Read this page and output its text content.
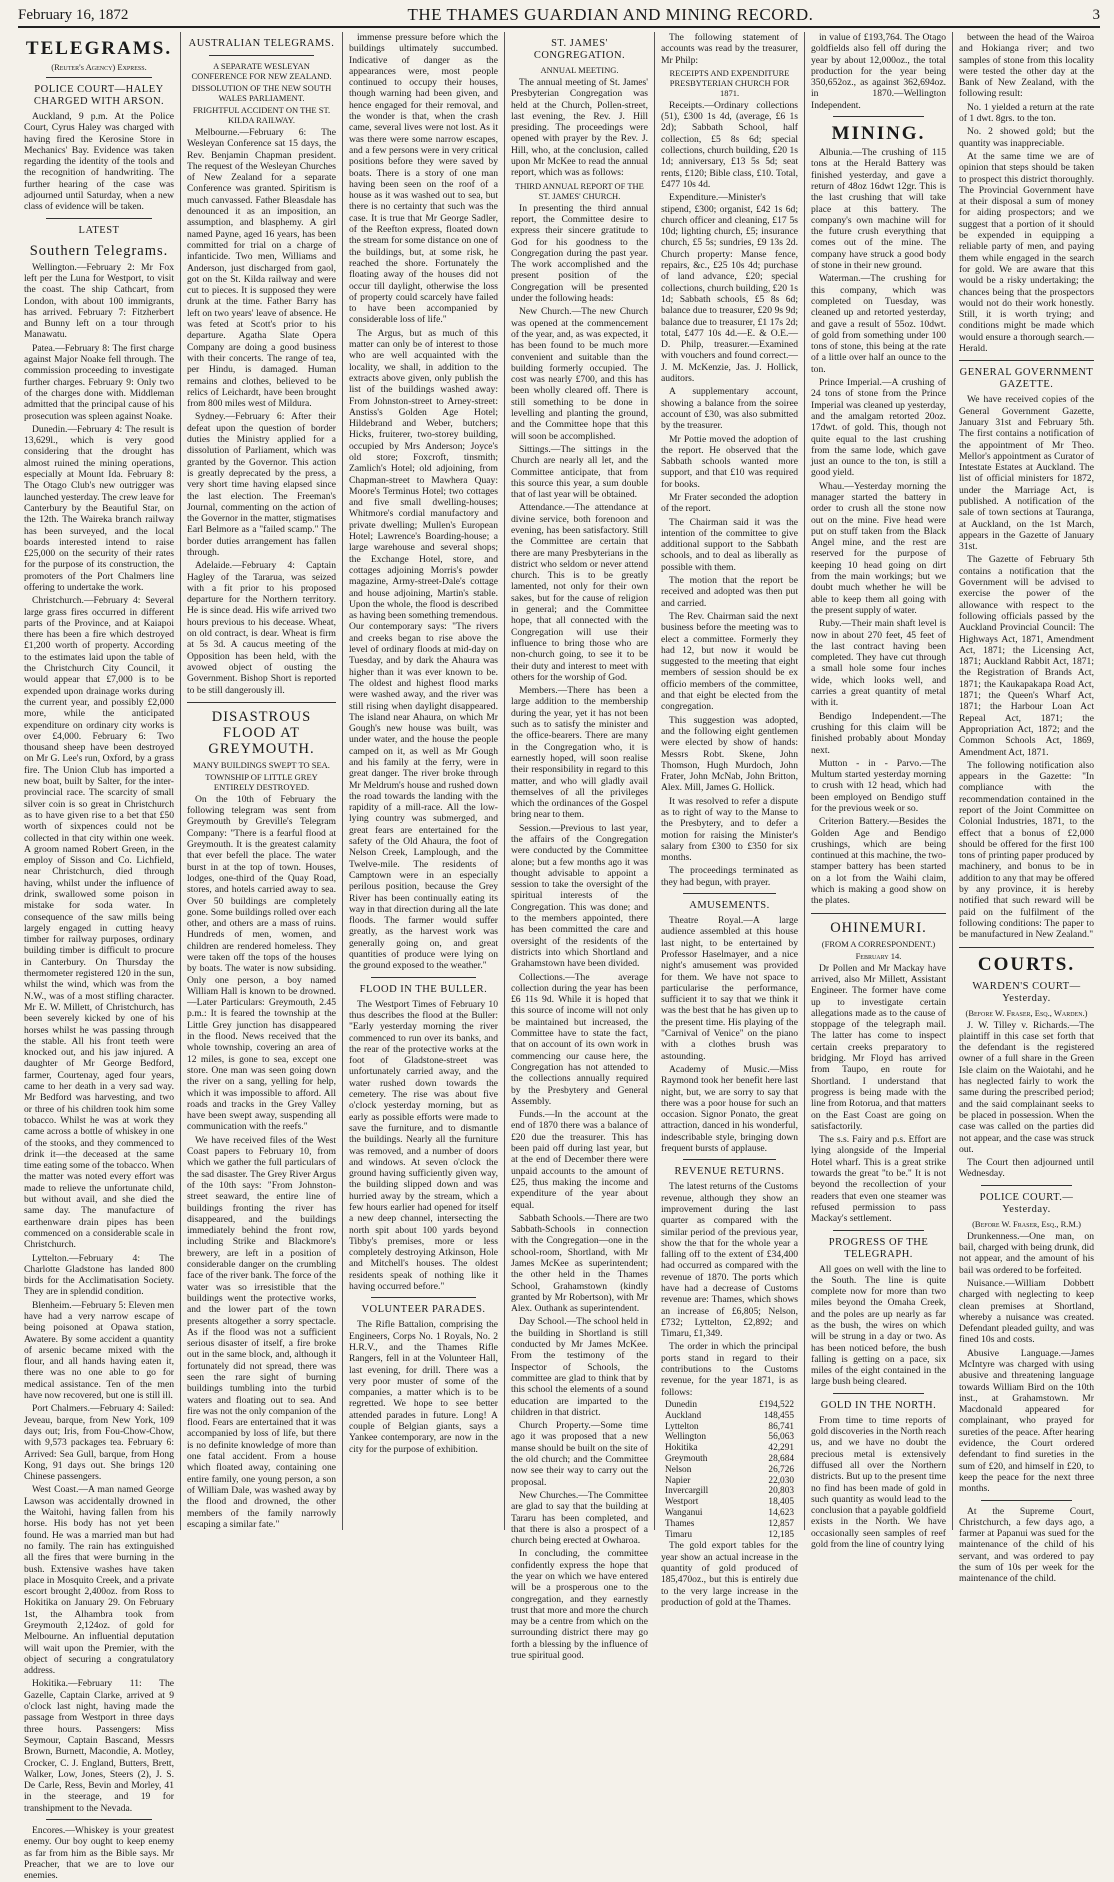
February 16, 1872	THE THAMES GUARDIAN AND MINING RECORD.	3
TELEGRAMS.
(Reuter's Agency) Express.
POLICE COURT—HALEY CHARGED WITH ARSON.

Auckland, 9 p.m. At the Police Court, Cyrus Haley was charged with having fired the Kerosine Store in Mechanics' Bay. Evidence was taken regarding the identity of the tools and the recognition of handwriting. The further hearing of the case was adjourned until Saturday, when a new class of evidence will be taken.

LATEST
Southern Telegrams.

Wellington.—February 2: Mr Fox left per the Luna for Westport, to visit the coast. The ship Cathcart, from London, with about 100 immigrants, has arrived. February 7: Fitzherbert and Bunny left on a tour through Manawatu.

Patea.—February 8: The first charge against Major Noake fell through. The commission proceeding to investigate further charges. February 9: Only two of the charges done with. Middleman admitted that the principal cause of his prosecution was spleen against Noake.

Dunedin.—February 4: The result is 13,629l., which is very good considering that the drought has almost ruined the mining operations, especially at Mount Ida. February 8: The Otago Club's new outrigger was launched yesterday. The crew leave for Canterbury by the Beautiful Star, on the 12th. The Waireka branch railway has been surveyed, and the local boards interested intend to raise £25,000 on the security of their rates for the purpose of its construction, the promoters of the Port Chalmers line offering to undertake the work.

Christchurch.—February 4: Several large grass fires occurred in different parts of the Province, and at Kaiapoi there has been a fire which destroyed £1,200 worth of property. According to the estimates laid upon the table of the Christchurch City Council, it would appear that £7,000 is to be expended upon drainage works during the current year, and possibly £2,000 more, while the anticipated expenditure on ordinary city works is over £4,000. February 6: Two thousand sheep have been destroyed on Mr G. Lee's run, Oxford, by a grass fire. The Union Club has imported a new boat, built by Salter, for the inter-provincial race. The scarcity of small silver coin is so great in Christchurch as to have given rise to a bet that £50 worth of sixpences could not be collected in that city within one week. A groom named Robert Green, in the employ of Sisson and Co. Lichfield, near Christchurch, died through having, whilst under the influence of drink, swallowed some poison in mistake for soda water. In consequence of the saw mills being largely engaged in cutting heavy timber for railway purposes, ordinary building timber is difficult to procure in Canterbury. On Thursday the thermometer registered 120 in the sun, whilst the wind, which was from the N.W., was of a most stifling character. Mr E. W. Millett, of Christchurch, has been severely kicked by one of his horses whilst he was passing through the stable. All his front teeth were knocked out, and his jaw injured. A daughter of Mr George Bedford, farmer, Courtenay, aged four years, came to her death in a very sad way. Mr Bedford was harvesting, and two or three of his children took him some tobacco. Whilst he was at work they came across a bottle of whiskey in one of the stooks, and they commenced to drink it—the deceased at the same time eating some of the tobacco. When the matter was noted every effort was made to relieve the unfortunate child, but without avail, and she died the same day. The manufacture of earthenware drain pipes has been commenced on a considerable scale in Christchurch.

Lyttelton.—February 4: The Charlotte Gladstone has landed 800 birds for the Acclimatisation Society. They are in splendid condition.

Blenheim.—February 5: Eleven men have had a very narrow escape of being poisoned at Opawa station, Awatere. By some accident a quantity of arsenic became mixed with the flour, and all hands having eaten it, there was no one able to go for medical assistance. Ten of the men have now recovered, but one is still ill.

Port Chalmers.—February 4: Sailed: Jeveau, barque, from New York, 109 days out; Iris, from Fou-Chow-Chow, with 9,573 packages tea. February 6: Arrived: Sea Gull, barque, from Hong Kong, 91 days out. She brings 120 Chinese passengers.

West Coast.—A man named George Lawson was accidentally drowned in the Waitohi, having fallen from his horse. His body has not yet been found. He was a married man but had no family. The rain has extinguished all the fires that were burning in the bush. Extensive washes have taken place in Mosquito Creek, and a private escort brought 2,400oz. from Ross to Hokitika on January 29. On February 1st, the Alhambra took from Greymouth 2,124oz. of gold for Melbourne. An influential deputation will wait upon the Premier, with the object of securing a congratulatory address.

Hokitika.—February 11: The Gazelle, Captain Clarke, arrived at 9 o'clock last night, having made the passage from Westport in three days three hours. Passengers: Miss Seymour, Captain Bascand, Messrs Brown, Burnett, Macondie, A. Motley, Crocker, C. J. England, Butters, Brett, Walker, Low, Jones, Steers (2), J. S. De Carle, Ress, Bevin and Morley, 41 in the steerage, and 19 for transhipment to the Nevada.

Encores.—Whiskey is your greatest enemy. Our boy ought to keep enemy as far from him as the Bible says. Mr Preacher, that we are to love our enemies.

AUSTRALIAN TELEGRAMS.
A SEPARATE WESLEYAN CONFERENCE FOR NEW ZEALAND.
DISSOLUTION OF THE NEW SOUTH WALES PARLIAMENT.
FRIGHTFUL ACCIDENT ON THE ST. KILDA RAILWAY.

Melbourne.—February 6: The Wesleyan Conference sat 15 days, the Rev. Benjamin Chapman president. The request of the Wesleyan Churches of New Zealand for a separate Conference was granted. Spiritism is much canvassed. Father Bleasdale has denounced it as an imposition, an assumption, and blasphemy. A girl named Payne, aged 16 years, has been committed for trial on a charge of infanticide. Two men, Williams and Anderson, just discharged from gaol, got on the St. Kilda railway and were cut to pieces. It is supposed they were drunk at the time. Father Barry has left on two years' leave of absence. He was feted at Scott's prior to his departure. Agatha Slate Opera Company are doing a good business with their concerts. The range of tea, per Hindu, is damaged. Human remains and clothes, believed to be relics of Leichardt, have been brought from 800 miles west of Mildura.

Sydney.—February 6: After their defeat upon the question of border duties the Ministry applied for a dissolution of Parliament, which was granted by the Governor. This action is greatly deprecated by the press, a very short time having elapsed since the last election. The Freeman's Journal, commenting on the action of the Governor in the matter, stigmatises Earl Belmore as a "failed scamp." The border duties arrangement has fallen through.

Adelaide.—February 4: Captain Hagley of the Tararua, was seized with a fit prior to his proposed departure for the Northern territory. He is since dead. His wife arrived two hours previous to his decease. Wheat, on old contract, is dear. Wheat is firm at 5s 3d. A caucus meeting of the Opposition has been held, with the avowed object of ousting the Government. Bishop Short is reported to be still dangerously ill.

DISASTROUS FLOOD AT GREYMOUTH.
MANY BUILDINGS SWEPT TO SEA.
TOWNSHIP OF LITTLE GREY ENTIRELY DESTROYED.

On the 10th of February the following telegram was sent from Greymouth by Greville's Telegram Company: "There is a fearful flood at Greymouth. It is the greatest calamity that ever befell the place. The water burst in at the top of town. Houses, lodges, one-third of the Quay Road, stores, and hotels carried away to sea. Over 50 buildings are completely gone. Some buildings rolled over each other, and others are a mass of ruins. Hundreds of men, women, and children are rendered homeless. They were taken off the tops of the houses by boats. The water is now subsiding. Only one person, a boy named William Hall is known to be drowned.—Later Particulars: Greymouth, 2.45 p.m.: It is feared the township at the Little Grey junction has disappeared in the flood. News received that the whole township, covering an area of 12 miles, is gone to sea, except one store. One man was seen going down the river on a sang, yelling for help, which it was impossible to afford. All roads and tracks in the Grey Valley have been swept away, suspending all communication with the reefs."

We have received files of the West Coast papers to February 10, from which we gather the full particulars of the sad disaster. The Grey River Argus of the 10th says: "From Johnston-street seaward, the entire line of buildings fronting the river has disappeared, and the buildings immediately behind the front row, including Strike and Blackmore's brewery, are left in a position of considerable danger on the crumbling face of the river bank. The force of the water was so irresistible that the buildings went the protective works, and the lower part of the town presents altogether a sorry spectacle. As if the flood was not a sufficient serious disaster of itself, a fire broke out in the same block, and, although it fortunately did not spread, there was seen the rare sight of burning buildings tumbling into the turbid waters and floating out to sea. And fire was not the only companion of the flood. Fears are entertained that it was accompanied by loss of life, but there is no definite knowledge of more than one fatal accident. From a house which floated away, containing one entire family, one young person, a son of William Dale, was washed away by the flood and drowned, the other members of the family narrowly escaping a similar fate."

immense pressure before which the buildings ultimately succumbed. Indicative of danger as the appearances were, most people continued to occupy their houses, though warning had been given, and hence engaged for their removal, and the wonder is that, when the crash came, several lives were not lost. As it was there were some narrow escapes, and a few persons were in very critical positions before they were saved by boats. There is a story of one man having been seen on the roof of a house as it was washed out to sea, but there is no certainty that such was the case. It is true that Mr George Sadler, of the Reefton express, floated down the stream for some distance on one of the buildings, but, at some risk, he reached the shore. Fortunately the floating away of the houses did not occur till daylight, otherwise the loss of property could scarcely have failed to have been accompanied by considerable loss of life."

The Argus, but as much of this matter can only be of interest to those who are well acquainted with the locality, we shall, in addition to the extracts above given, only publish the list of the buildings washed away: From Johnston-street to Arney-street: Anstiss's Golden Age Hotel; Hildebrand and Weber, butchers; Hicks, fruiterer, two-storey building, occupied by Mrs Anderson; Joyce's old store; Foxcroft, tinsmith; Zamlich's Hotel; old adjoining, from Chapman-street to Mawhera Quay: Moore's Terminus Hotel; two cottages and five small dwelling-houses; Whitmore's cordial manufactory and private dwelling; Mullen's European Hotel; Lawrence's Boarding-house; a large warehouse and several shops; the Exchange Hotel, store, and cottages adjoining Morris's powder magazine, Army-street-Dale's cottage and house adjoining, Martin's stable. Upon the whole, the flood is described as having been something tremendous. Our contemporary says: "The rivers and creeks began to rise above the level of ordinary floods at mid-day on Tuesday, and by dark the Ahaura was higher than it was ever known to be. The oldest and highest flood marks were washed away, and the river was still rising when daylight disappeared. The island near Ahaura, on which Mr Gough's new house was built, was under water, and the house the people camped on it, as well as Mr Gough and his family at the ferry, were in great danger. The river broke through Mr Meldrum's house and rushed down the road towards the landing with the rapidity of a mill-race. All the low-lying country was submerged, and great fears are entertained for the safety of the Old Ahaura, the foot of Nelson Creek, Lamplough, and the Twelve-mile. The residents of Camptown were in an especially perilous position, because the Grey River has been continually eating its way in that direction during all the late floods. The farmer would suffer greatly, as the harvest work was generally going on, and great quantities of produce were lying on the ground exposed to the weather."

FLOOD IN THE BULLER.

The Westport Times of February 10 thus describes the flood at the Buller: "Early yesterday morning the river commenced to run over its banks, and the rear of the protective works at the foot of Gladstone-street was unfortunately carried away, and the water rushed down towards the cemetery. The rise was about five o'clock yesterday morning, but as early as possible efforts were made to save the furniture, and to dismantle the buildings. Nearly all the furniture was removed, and a number of doors and windows. At seven o'clock the ground having sufficiently given way, the building slipped down and was hurried away by the stream, which a few hours earlier had opened for itself a new deep channel, intersecting the north spit about 100 yards beyond Tibby's premises, more or less completely destroying Atkinson, Hole and Mitchell's houses. The oldest residents speak of nothing like it having occurred before."

VOLUNTEER PARADES.

The Rifle Battalion, comprising the Engineers, Corps No. 1 Royals, No. 2 H.R.V., and the Thames Rifle Rangers, fell in at the Volunteer Hall, last evening, for drill. There was a very poor muster of some of the companies, a matter which is to be regretted. We hope to see better attended parades in future. Long! A couple of Belgian giants, says a Yankee contemporary, are now in the city for the purpose of exhibition.

ST. JAMES' CONGREGATION.
ANNUAL MEETING.

The annual meeting of St. James' Presbyterian Congregation was held at the Church, Pollen-street, last evening, the Rev. J. Hill presiding. The proceedings were opened with prayer by the Rev. J. Hill, who, at the conclusion, called upon Mr McKee to read the annual report, which was as follows:

THIRD ANNUAL REPORT OF THE ST. JAMES' CHURCH.

In presenting the third annual report, the Committee desire to express their sincere gratitude to God for his goodness to the Congregation during the past year. The work accomplished and the present position of the Congregation will be presented under the following heads:

New Church.—The new Church was opened at the commencement of the year, and, as was expected, it has been found to be much more convenient and suitable than the building formerly occupied. The cost was nearly £700, and this has been wholly cleared off. There is still something to be done in levelling and planting the ground, and the Committee hope that this will soon be accomplished.

Sittings.—The sittings in the Church are nearly all let, and the Committee anticipate, that from this source this year, a sum double that of last year will be obtained.

Attendance.—The attendance at divine service, both forenoon and evening, has been satisfactory. Still the Committee are certain that there are many Presbyterians in the district who seldom or never attend church. This is to be greatly lamented, not only for their own sakes, but for the cause of religion in general; and the Committee hope, that all connected with the Congregation will use their influence to bring those who are non-church going, to see it to be their duty and interest to meet with others for the worship of God.

Members.—There has been a large addition to the membership during the year, yet it has not been such as to satisfy the minister and the office-bearers. There are many in the Congregation who, it is earnestly hoped, will soon realise their responsibility in regard to this matter, and who will gladly avail themselves of all the privileges which the ordinances of the Gospel bring near to them.

Session.—Previous to last year, the affairs of the Congregation were conducted by the Committee alone; but a few months ago it was thought advisable to appoint a session to take the oversight of the spiritual interests of the Congregation. This was done; and to the members appointed, there has been committed the care and oversight of the residents of the districts into which Shortland and Grahamstown have been divided.

Collections.—The average collection during the year has been £6 11s 9d. While it is hoped that this source of income will not only be maintained but increased, the Committee have to state the fact, that on account of its own work in commencing our cause here, the Congregation has not attended to the collections annually required by the Presbytery and General Assembly.

Funds.—In the account at the end of 1870 there was a balance of £20 due the treasurer. This has been paid off during last year, but at the end of December there were unpaid accounts to the amount of £25, thus making the income and expenditure of the year about equal.

Sabbath Schools.—There are two Sabbath-Schools in connection with the Congregation—one in the school-room, Shortland, with Mr James McKee as superintendent; the other held in the Thames School, Grahamstown (kindly granted by Mr Robertson), with Mr Alex. Outhank as superintendent.

Day School.—The school held in the building in Shortland is still conducted by Mr James McKee. From the testimony of the Inspector of Schools, the committee are glad to think that by this school the elements of a sound education are imparted to the children in that district.

Church Property.—Some time ago it was proposed that a new manse should be built on the site of the old church; and the Committee now see their way to carry out the proposal.

New Churches.—The Committee are glad to say that the building at Tararu has been completed, and that there is also a prospect of a church being erected at Owharoa.

In concluding, the committee confidently express the hope that the year on which we have entered will be a prosperous one to the congregation, and they earnestly trust that more and more the church may be a centre from which on the surrounding district there may go forth a blessing by the influence of true spiritual good.

The following statement of accounts was read by the treasurer, Mr Philp:

RECEIPTS AND EXPENDITURE PRESBYTERIAN CHURCH FOR 1871.

Receipts.—Ordinary collections (51), £300 1s 4d, (average, £6 1s 2d); Sabbath School, half collection, £5 8s 6d; special collections, church building, £20 1s 1d; anniversary, £13 5s 5d; seat rents, £120; Bible class, £10. Total, £477 10s 4d.

Expenditure.—Minister's stipend, £300; organist, £42 1s 6d; church officer and cleaning, £17 5s 10d; lighting church, £5; insurance church, £5 5s; sundries, £9 13s 2d. Church property: Manse fence, repairs, &c., £25 10s 4d; purchase of land advance, £20; special collections, church building, £20 1s 1d; Sabbath schools, £5 8s 6d; balance due to treasurer, £20 9s 9d; balance due to treasurer, £1 17s 2d; total, £477 10s 4d.—E. & O.E.—D. Philp, treasurer.—Examined with vouchers and found correct.—J. M. McKenzie, Jas. J. Hollick, auditors.

A supplementary account, showing a balance from the soiree account of £30, was also submitted by the treasurer.

Mr Pottie moved the adoption of the report. He observed that the Sabbath schools wanted more support, and that £10 was required for books.

Mr Frater seconded the adoption of the report.

The Chairman said it was the intention of the committee to give additional support to the Sabbath schools, and to deal as liberally as possible with them.

The motion that the report be received and adopted was then put and carried.

The Rev. Chairman said the next business before the meeting was to elect a committee. Formerly they had 12, but now it would be suggested to the meeting that eight members of session should be ex officio members of the committee, and that eight be elected from the congregation.

This suggestion was adopted, and the following eight gentlemen were elected by show of hands: Messrs Robt. Skene, John Thomson, Hugh Murdoch, John Frater, John McNab, John Britton, Alex. Mill, James G. Hollick.

It was resolved to refer a dispute as to right of way to the Manse to the Presbytery, and to defer a motion for raising the Minister's salary from £300 to £350 for six months.

The proceedings terminated as they had begun, with prayer.

AMUSEMENTS.

Theatre Royal.—A large audience assembled at this house last night, to be entertained by Professor Haselmayer, and a nice night's amusement was provided for them. We have not space to particularise the performance, sufficient it to say that we think it was the best that he has given up to the present time. His playing of the "Carnival of Venice" on the piano with a clothes brush was astounding.

Academy of Music.—Miss Raymond took her benefit here last night, but, we are sorry to say that there was a poor house for such an occasion. Signor Ponato, the great attraction, danced in his wonderful, indescribable style, bringing down frequent bursts of applause.

REVENUE RETURNS.

The latest returns of the Customs revenue, although they show an improvement during the last quarter as compared with the similar period of the previous year, show the that for the whole year a falling off to the extent of £34,400 had occurred as compared with the revenue of 1870. The ports which have had a decrease of Customs revenue are: Thames, which shows an increase of £6,805; Nelson, £732; Lyttelton, £2,892; and Timaru, £1,349.

The order in which the principal ports stand in regard to their contributions to the Customs revenue, for the year 1871, is as follows:

Dunedin	£194,522
Auckland	148,455
Lyttelton	86,741
Wellington	56,063
Hokitika	42,291
Greymouth	28,684
Nelson	26,726
Napier	22,030
Invercargill	20,803
Westport	18,405
Wanganui	14,623
Thames	12,857
Timaru	12,185

The gold export tables for the year show an actual increase in the quantity of gold produced of 185,470oz., but this is entirely due to the very large increase in the production of gold at the Thames.

in value of £193,764. The Otago goldfields also fell off during the year by about 12,000oz., the total production for the year being 350,652oz., as against 362,694oz. in 1870.—Wellington Independent.

MINING.

Albunia.—The crushing of 115 tons at the Herald Battery was finished yesterday, and gave a return of 48oz 16dwt 12gr. This is the last crushing that will take place at this battery. The company's own machine will for the future crush everything that comes out of the mine. The company have struck a good body of stone in their new ground.

Waterman.—The crushing for this company, which was completed on Tuesday, was cleaned up and retorted yesterday, and gave a result of 55oz. 10dwt. of gold from something under 100 tons of stone, this being at the rate of a little over half an ounce to the ton.

Prince Imperial.—A crushing of 24 tons of stone from the Prince Imperial was cleaned up yesterday, and the amalgam retorted 20oz. 17dwt. of gold. This, though not quite equal to the last crushing from the same lode, which gave just an ounce to the ton, is still a good yield.

Whau.—Yesterday morning the manager started the battery in order to crush all the stone now out on the mine. Five head were put on stuff taken from the Black Angel mine, and the rest are reserved for the purpose of keeping 10 head going on dirt from the main workings; but we doubt much whether he will be able to keep them all going with the present supply of water.

Ruby.—Their main shaft level is now in about 270 feet, 45 feet of the last contract having been completed. They have cut through a small hole some four inches wide, which looks well, and carries a great quantity of metal with it.

Bendigo Independent.—The crushing for this claim will be finished probably about Monday next.

Mutton - in - Parvo.—The Multum started yesterday morning to crush with 12 head, which had been employed on Bendigo stuff for the previous week or so.

Criterion Battery.—Besides the Golden Age and Bendigo crushings, which are being continued at this machine, the two-stamper battery has been started on a lot from the Waihi claim, which is making a good show on the plates.

OHINEMURI.
(FROM A CORRESPONDENT.)
February 14.

Dr Pollen and Mr Mackay have arrived, also Mr Millett, Assistant Engineer. The former have come up to investigate certain allegations made as to the cause of stoppage of the telegraph mail. The latter has come to inspect certain creeks preparatory to bridging. Mr Floyd has arrived from Taupo, en route for Shortland. I understand that progress is being made with the line from Rotorua, and that matters on the East Coast are going on satisfactorily.

The s.s. Fairy and p.s. Effort are lying alongside of the Imperial Hotel wharf. This is a great strike towards the great "to be." It is not beyond the recollection of your readers that even one steamer was refused permission to pass Mackay's settlement.

PROGRESS OF THE TELEGRAPH.

All goes on well with the line to the South. The line is quite complete now for more than two miles beyond the Omaha Creek, and the poles are up nearly as far as the bush, the wires on which will be strung in a day or two. As has been noticed before, the bush falling is getting on a pace, six miles of the eight contained in the large bush being cleared.

GOLD IN THE NORTH.

From time to time reports of gold discoveries in the North reach us, and we have no doubt the precious metal is extensively diffused all over the Northern districts. But up to the present time no find has been made of gold in such quantity as would lead to the conclusion that a payable goldfield exists in the North. We have occasionally seen samples of reef gold from the line of country lying

between the head of the Wairoa and Hokianga river; and two samples of stone from this locality were tested the other day at the Bank of New Zealand, with the following result:

No. 1 yielded a return at the rate of 1 dwt. 8grs. to the ton.

No. 2 showed gold; but the quantity was inappreciable.

At the same time we are of opinion that steps should be taken to prospect this district thoroughly. The Provincial Government have at their disposal a sum of money for aiding prospectors; and we suggest that a portion of it should be expended in equipping a reliable party of men, and paying them while engaged in the search for gold. We are aware that this would be a risky undertaking; the chances being that the prospectors would not do their work honestly. Still, it is worth trying; and conditions might be made which would ensure a thorough search.—Herald.

GENERAL GOVERNMENT GAZETTE.

We have received copies of the General Government Gazette, January 31st and February 5th. The first contains a notification of the appointment of Mr Theo. Mellor's appointment as Curator of Intestate Estates at Auckland. The list of official ministers for 1872, under the Marriage Act, is published. A notification of the sale of town sections at Tauranga, at Auckland, on the 1st March, appears in the Gazette of January 31st.

The Gazette of February 5th contains a notification that the Government will be advised to exercise the power of the allowance with respect to the following officials passed by the Auckland Provincial Council: The Highways Act, 1871, Amendment Act, 1871; the Licensing Act, 1871; Auckland Rabbit Act, 1871; the Registration of Brands Act, 1871; the Kaukapakapa Road Act, 1871; the Queen's Wharf Act, 1871; the Harbour Loan Act Repeal Act, 1871; the Appropriation Act, 1872; and the Common Schools Act, 1869, Amendment Act, 1871.

The following notification also appears in the Gazette: "In compliance with the recommendation contained in the report of the Joint Committee on Colonial Industries, 1871, to the effect that a bonus of £2,000 should be offered for the first 100 tons of printing paper produced by machinery, and bonus to be in addition to any that may be offered by any province, it is hereby notified that such reward will be paid on the fulfilment of the following conditions: The paper to be manufactured in New Zealand."

COURTS.
WARDEN'S COURT—Yesterday.
(Before W. Fraser, Esq., Warden.)

J. W. Tilley v. Richards.—The plaintiff in this case set forth that the defendant is the registered owner of a full share in the Green Isle claim on the Waiotahi, and he has neglected fairly to work the same during the prescribed period; and the said complainant seeks to be placed in possession. When the case was called on the parties did not appear, and the case was struck out.

The Court then adjourned until Wednesday.

POLICE COURT.—Yesterday.
(Before W. Fraser, Esq., R.M.)

Drunkenness.—One man, on bail, charged with being drunk, did not appear, and the amount of his bail was ordered to be forfeited.

Nuisance.—William Dobbett charged with neglecting to keep clean premises at Shortland, whereby a nuisance was created. Defendant pleaded guilty, and was fined 10s and costs.

Abusive Language.—James McIntyre was charged with using abusive and threatening language towards William Bird on the 10th inst., at Grahamstown. Mr Macdonald appeared for complainant, who prayed for sureties of the peace. After hearing evidence, the Court ordered defendant to find sureties in the sum of £20, and himself in £20, to keep the peace for the next three months.

At the Supreme Court, Christchurch, a few days ago, a farmer at Papanui was sued for the maintenance of the child of his servant, and was ordered to pay the sum of 10s per week for the maintenance of the child.
